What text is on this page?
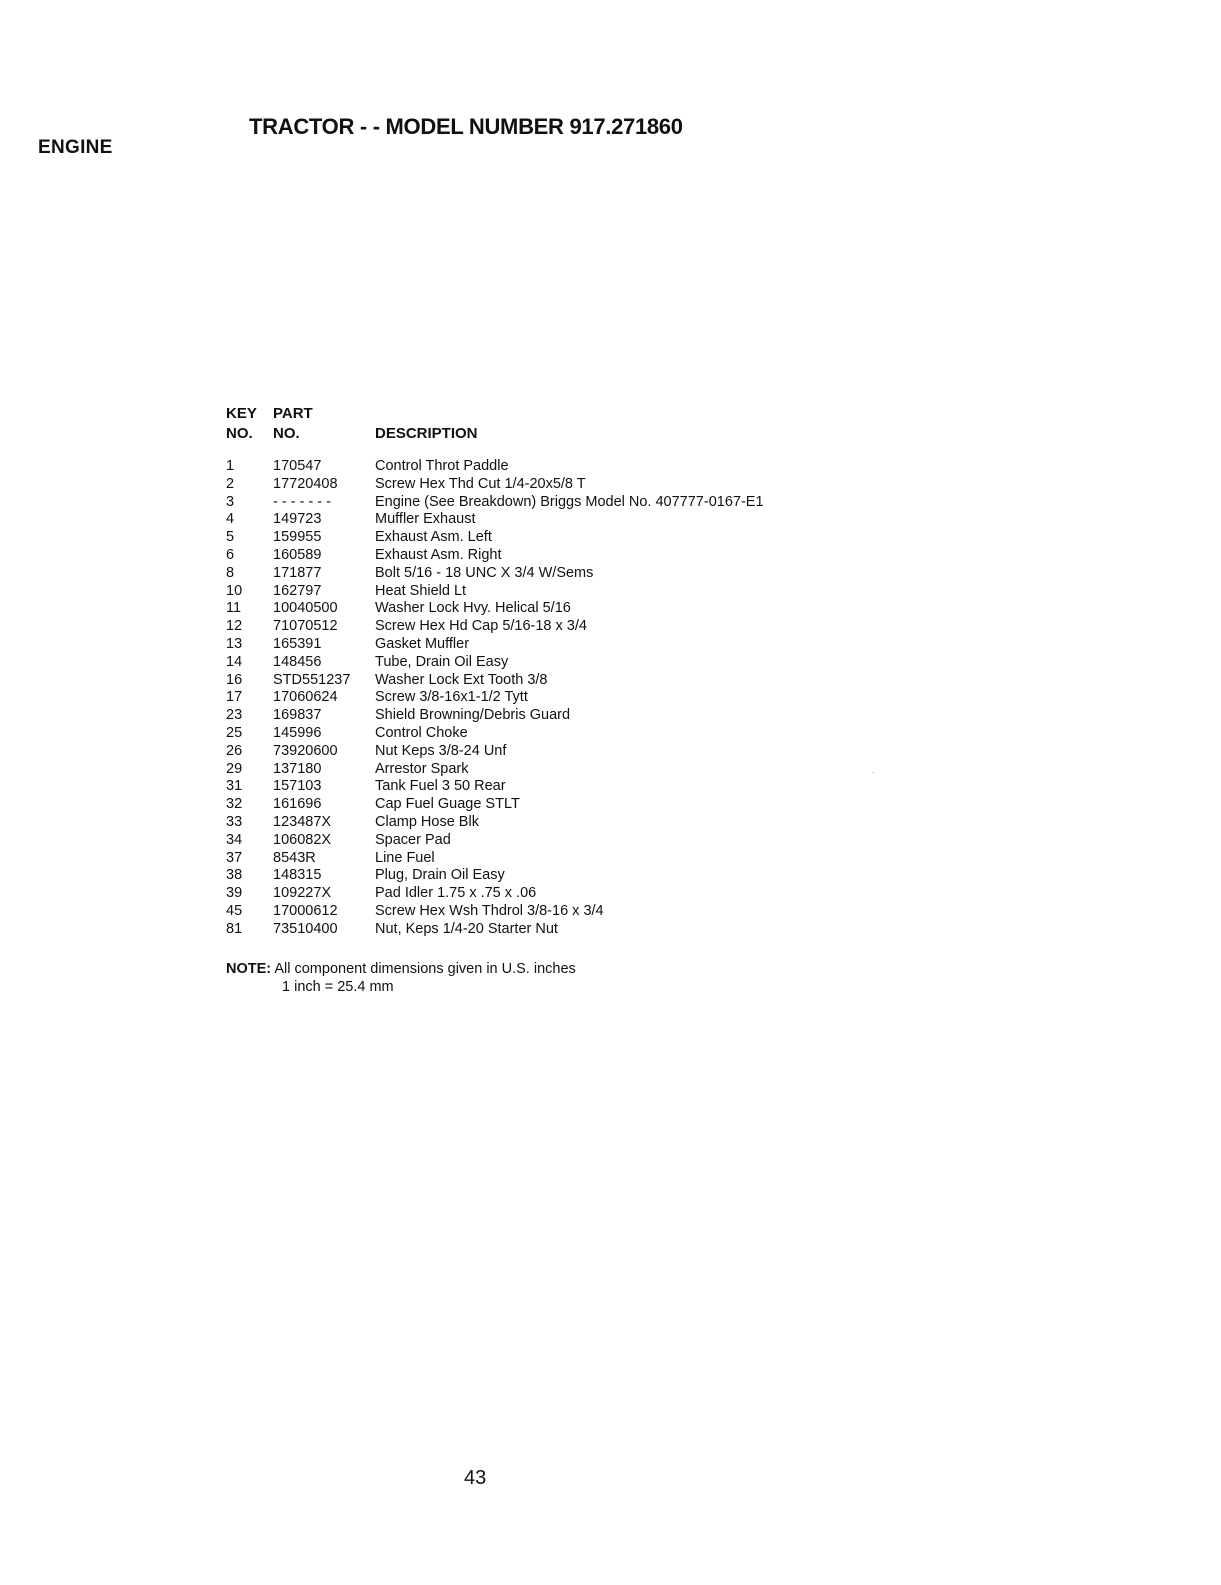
ENGINE
TRACTOR - - MODEL NUMBER 917.271860
KEY	PART
NO.	NO.	DESCRIPTION
1	170547	Control Throt Paddle
2	17720408	Screw Hex Thd Cut 1/4-20x5/8 T
3	- - - - - - -	Engine (See Breakdown) Briggs Model No. 407777-0167-E1
4	149723	Muffler Exhaust
5	159955	Exhaust Asm. Left
6	160589	Exhaust Asm. Right
8	171877	Bolt 5/16 - 18 UNC X 3/4 W/Sems
10	162797	Heat Shield Lt
11	10040500	Washer Lock Hvy. Helical 5/16
12	71070512	Screw Hex Hd Cap 5/16-18 x 3/4
13	165391	Gasket Muffler
14	148456	Tube, Drain Oil Easy
16	STD551237	Washer Lock Ext Tooth 3/8
17	17060624	Screw 3/8-16x1-1/2 Tytt
23	169837	Shield Browning/Debris Guard
25	145996	Control Choke
26	73920600	Nut Keps 3/8-24 Unf
29	137180	Arrestor Spark
31	157103	Tank Fuel 3 50 Rear
32	161696	Cap Fuel Guage STLT
33	123487X	Clamp Hose Blk
34	106082X	Spacer Pad
37	8543R	Line Fuel
38	148315	Plug, Drain Oil Easy
39	109227X	Pad Idler 1.75 x .75 x .06
45	17000612	Screw Hex Wsh Thdrol 3/8-16 x 3/4
81	73510400	Nut, Keps 1/4-20 Starter Nut
NOTE: All component dimensions given in U.S. inches
1 inch = 25.4 mm
43
